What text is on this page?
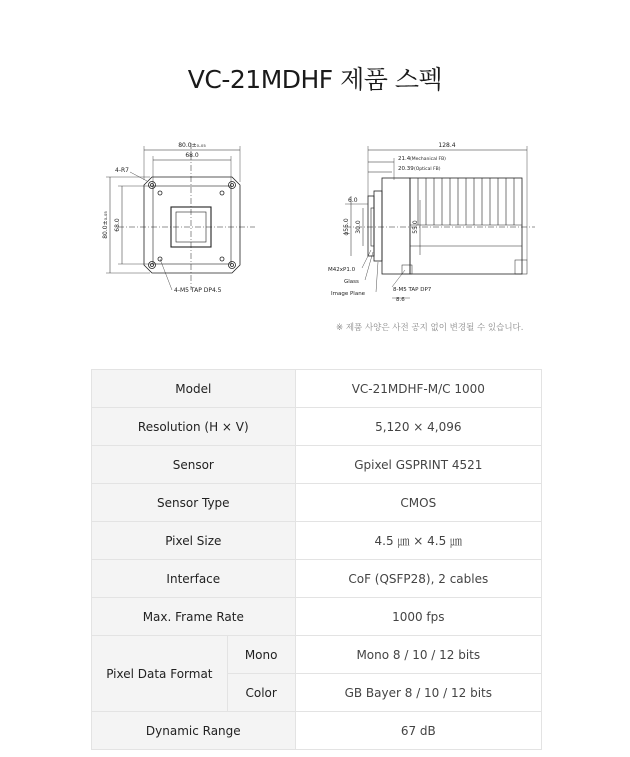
VC-21MDHF 제품 스펙
80.0±₀.₀₅
68.0
80.0±₀.₀₅ 68.0
4-R7
4-M5 TAP DP4.5
128.4
21.4 (Mechanical FB)
20.39 (Optical FB)
6.0
30.0
ϕ55.0	55.0
M42xP1.0
Glass
Image Plane
8-M5 TAP DP7
8.6
※ 제품 사양은 사전 공지 없이 변경될 수 있습니다.
Model		VC-21MDHF-M/C 1000
Resolution (H × V)		5,120 × 4,096
Sensor		Gpixel GSPRINT 4521
Sensor Type		CMOS
Pixel Size		4.5 ㎛ × 4.5 ㎛
Interface		CoF (QSFP28), 2 cables
Max. Frame Rate		1000 fps
Pixel Data Format	Mono	Mono 8 / 10 / 12 bits
	Color	GB Bayer 8 / 10 / 12 bits
Dynamic Range		67 dB
